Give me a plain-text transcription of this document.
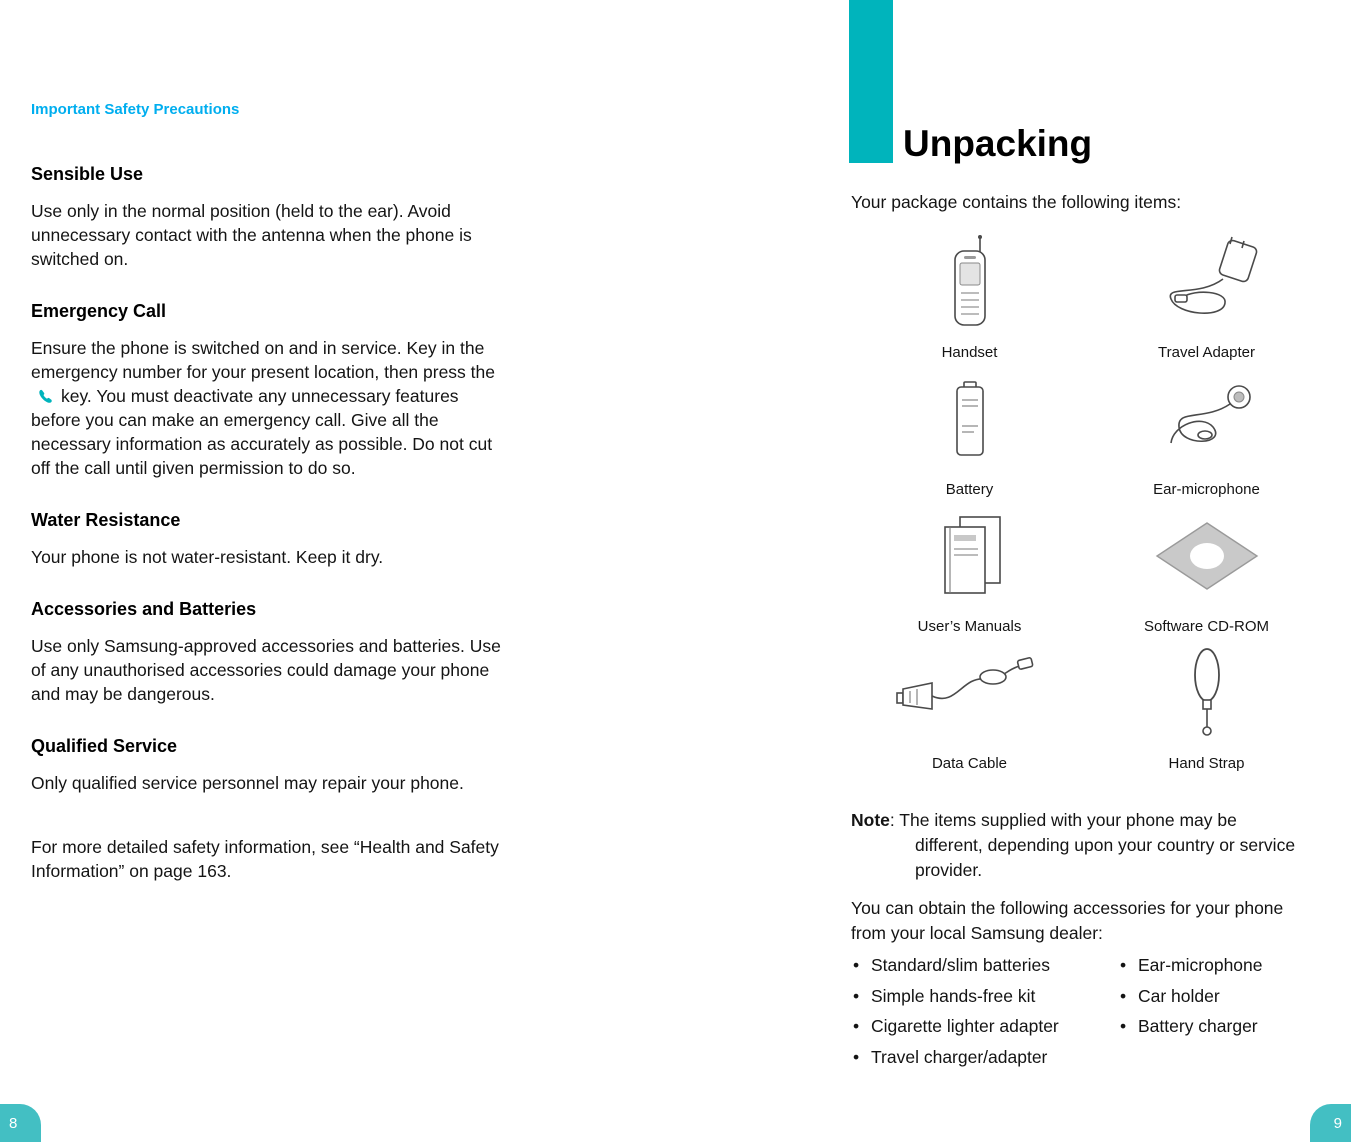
Important Safety Precautions
Sensible Use

Use only in the normal position (held to the ear). Avoid unnecessary contact with the antenna when the phone is switched on.

Emergency Call

Ensure the phone is switched on and in service. Key in the emergency number for your present location, then press thekey. You must deactivate any unnecessary features before you can make an emergency call. Give all the necessary information as accurately as possible. Do not cut off the call until given permission to do so.

Water Resistance

Your phone is not water-resistant. Keep it dry.

Accessories and Batteries

Use only Samsung-approved accessories and batteries. Use of any unauthorised accessories could damage your phone and may be dangerous.

Qualified Service

Only qualified service personnel may repair your phone.

For more detailed safety information, see “Health and Safety Information” on page 163.

Unpacking

Your package contains the following items:

Handset	Travel Adapter
Battery	Ear-microphone
User’s Manuals	Software CD-ROM
Data Cable	Hand Strap

Note: The items supplied with your phone may be different, depending upon your country or service provider.

You can obtain the following accessories for your phone from your local Samsung dealer:

• Standard/slim batteries
• Simple hands-free kit
• Cigarette lighter adapter
• Travel charger/adapter
• Ear-microphone
• Car holder
• Battery charger
8	9
